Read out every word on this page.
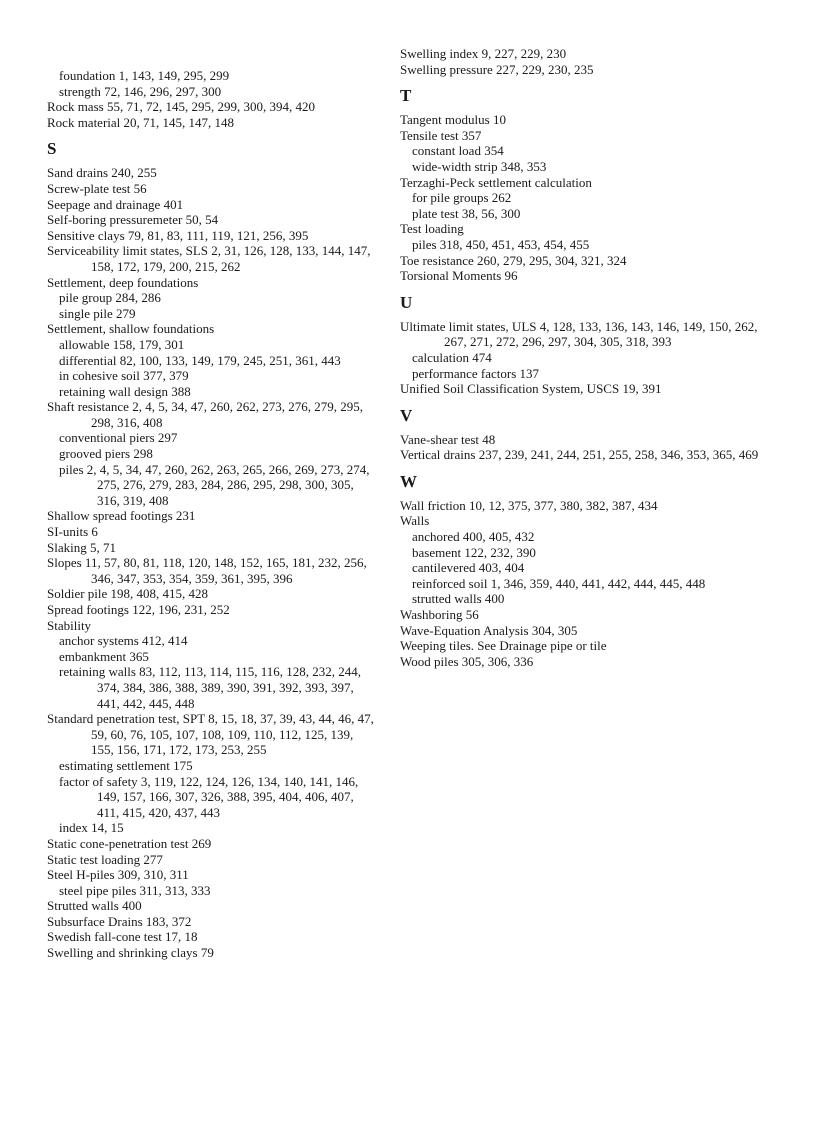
foundation 1, 143, 149, 295, 299
strength 72, 146, 296, 297, 300
Rock mass 55, 71, 72, 145, 295, 299, 300, 394, 420
Rock material 20, 71, 145, 147, 148
S
Sand drains 240, 255
Screw-plate test 56
Seepage and drainage 401
Self-boring pressuremeter 50, 54
Sensitive clays 79, 81, 83, 111, 119, 121, 256, 395
Serviceability limit states, SLS 2, 31, 126, 128, 133, 144, 147, 158, 172, 179, 200, 215, 262
Settlement, deep foundations
pile group 284, 286
single pile 279
Settlement, shallow foundations
allowable 158, 179, 301
differential 82, 100, 133, 149, 179, 245, 251, 361, 443
in cohesive soil 377, 379
retaining wall design 388
Shaft resistance 2, 4, 5, 34, 47, 260, 262, 273, 276, 279, 295, 298, 316, 408
conventional piers 297
grooved piers 298
piles 2, 4, 5, 34, 47, 260, 262, 263, 265, 266, 269, 273, 274, 275, 276, 279, 283, 284, 286, 295, 298, 300, 305, 316, 319, 408
Shallow spread footings 231
SI-units 6
Slaking 5, 71
Slopes 11, 57, 80, 81, 118, 120, 148, 152, 165, 181, 232, 256, 346, 347, 353, 354, 359, 361, 395, 396
Soldier pile 198, 408, 415, 428
Spread footings 122, 196, 231, 252
Stability
anchor systems 412, 414
embankment 365
retaining walls 83, 112, 113, 114, 115, 116, 128, 232, 244, 374, 384, 386, 388, 389, 390, 391, 392, 393, 397, 441, 442, 445, 448
Standard penetration test, SPT 8, 15, 18, 37, 39, 43, 44, 46, 47, 59, 60, 76, 105, 107, 108, 109, 110, 112, 125, 139, 155, 156, 171, 172, 173, 253, 255
estimating settlement 175
factor of safety 3, 119, 122, 124, 126, 134, 140, 141, 146, 149, 157, 166, 307, 326, 388, 395, 404, 406, 407, 411, 415, 420, 437, 443
index 14, 15
Static cone-penetration test 269
Static test loading 277
Steel H-piles 309, 310, 311
steel pipe piles 311, 313, 333
Strutted walls 400
Subsurface Drains 183, 372
Swedish fall-cone test 17, 18
Swelling and shrinking clays 79
Swelling index 9, 227, 229, 230
Swelling pressure 227, 229, 230, 235
T
Tangent modulus 10
Tensile test 357
constant load 354
wide-width strip 348, 353
Terzaghi-Peck settlement calculation
for pile groups 262
plate test 38, 56, 300
Test loading
piles 318, 450, 451, 453, 454, 455
Toe resistance 260, 279, 295, 304, 321, 324
Torsional Moments 96
U
Ultimate limit states, ULS 4, 128, 133, 136, 143, 146, 149, 150, 262, 267, 271, 272, 296, 297, 304, 305, 318, 393
calculation 474
performance factors 137
Unified Soil Classification System, USCS 19, 391
V
Vane-shear test 48
Vertical drains 237, 239, 241, 244, 251, 255, 258, 346, 353, 365, 469
W
Wall friction 10, 12, 375, 377, 380, 382, 387, 434
Walls
anchored 400, 405, 432
basement 122, 232, 390
cantilevered 403, 404
reinforced soil 1, 346, 359, 440, 441, 442, 444, 445, 448
strutted walls 400
Washboring 56
Wave-Equation Analysis 304, 305
Weeping tiles. See Drainage pipe or tile
Wood piles 305, 306, 336
